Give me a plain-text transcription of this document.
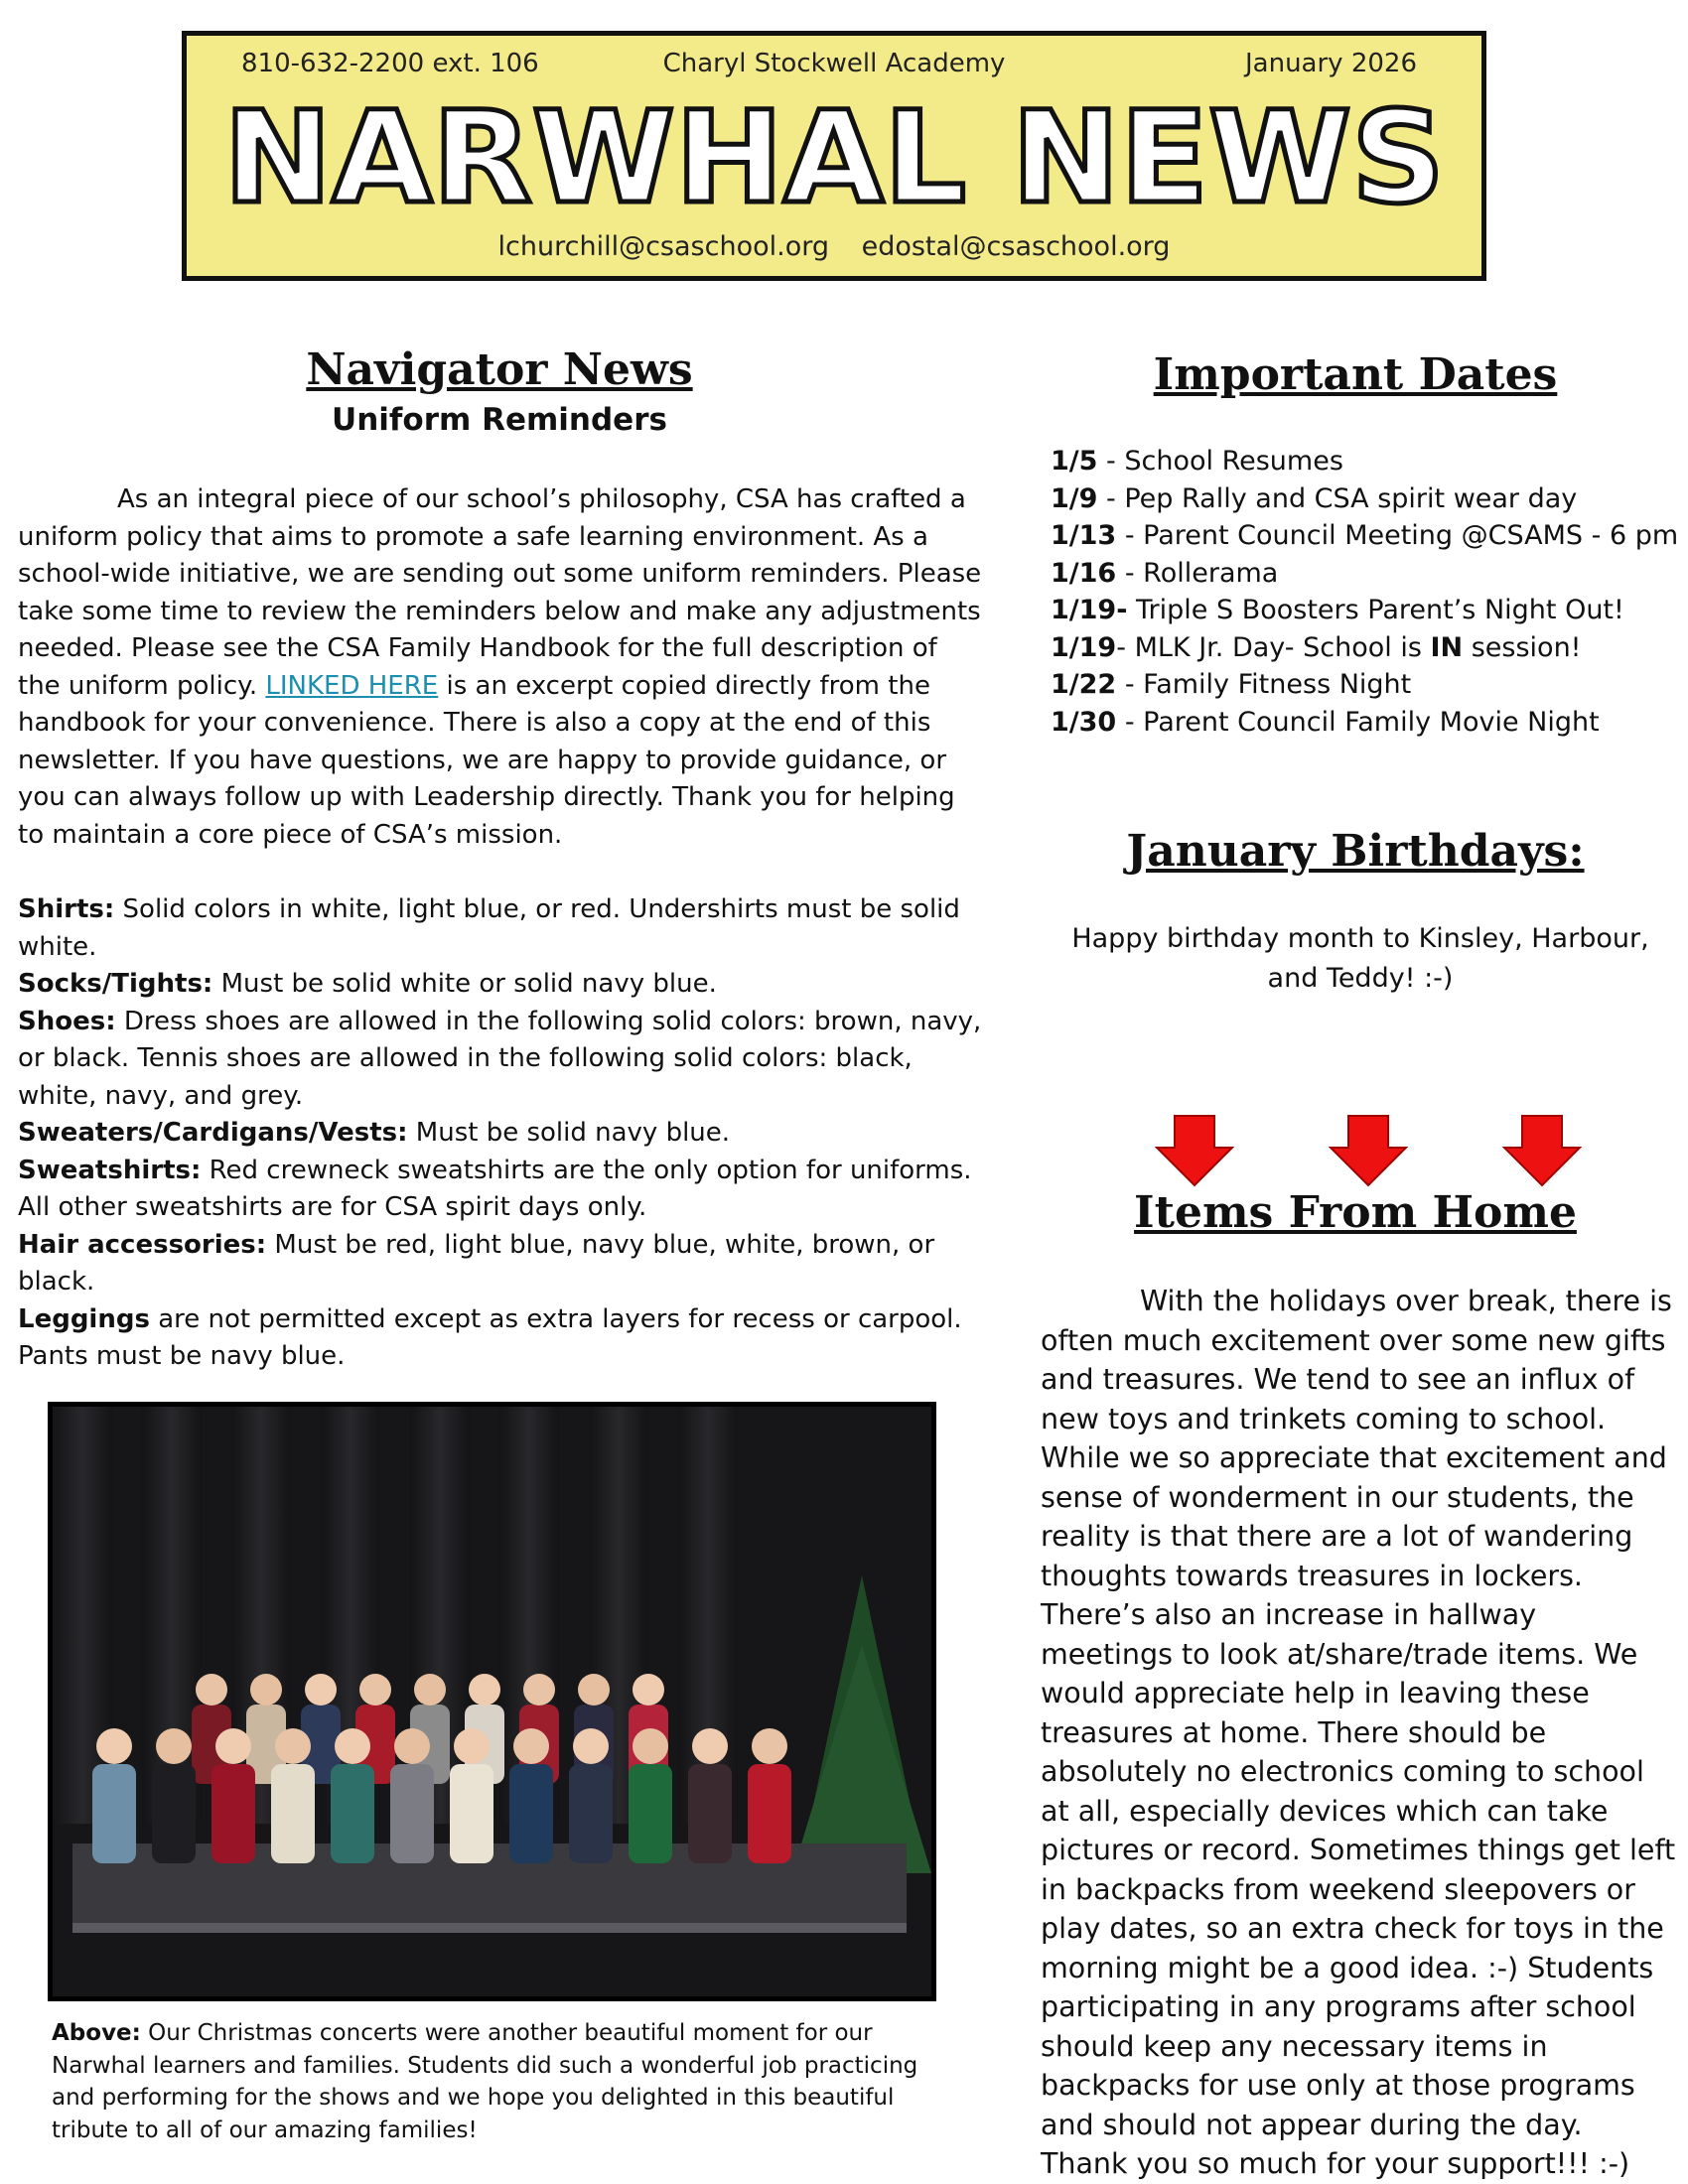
810-632-2200 ext. 106	Charyl Stockwell Academy	January 2026
NARWHAL NEWS
lchurchill@csaschool.org edostal@csaschool.org
Navigator News
Uniform Reminders

As an integral piece of our school’s philosophy, CSA has crafted a uniform policy that aims to promote a safe learning environment. As a school-wide initiative, we are sending out some uniform reminders. Please take some time to review the reminders below and make any adjustments needed. Please see the CSA Family Handbook for the full description of the uniform policy. LINKED HERE is an excerpt copied directly from the handbook for your convenience. There is also a copy at the end of this newsletter. If you have questions, we are happy to provide guidance, or you can always follow up with Leadership directly. Thank you for helping to maintain a core piece of CSA’s mission.

Shirts: Solid colors in white, light blue, or red. Undershirts must be solid white.
Socks/Tights: Must be solid white or solid navy blue.
Shoes: Dress shoes are allowed in the following solid colors: brown, navy, or black. Tennis shoes are allowed in the following solid colors: black, white, navy, and grey.
Sweaters/Cardigans/Vests: Must be solid navy blue.
Sweatshirts: Red crewneck sweatshirts are the only option for uniforms. All other sweatshirts are for CSA spirit days only.
Hair accessories: Must be red, light blue, navy blue, white, brown, or black.
Leggings are not permitted except as extra layers for recess or carpool. Pants must be navy blue.

Above: Our Christmas concerts were another beautiful moment for our Narwhal learners and families. Students did such a wonderful job practicing and performing for the shows and we hope you delighted in this beautiful tribute to all of our amazing families!

Important Dates
1/5 - School Resumes
1/9 - Pep Rally and CSA spirit wear day
1/13 - Parent Council Meeting @CSAMS - 6 pm
1/16 - Rollerama
1/19- Triple S Boosters Parent’s Night Out!
1/19- MLK Jr. Day- School is IN session!
1/22 - Family Fitness Night
1/30 - Parent Council Family Movie Night
January Birthdays:

Happy birthday month to Kinsley, Harbour, and Teddy! :-)

Items From Home

With the holidays over break, there is often much excitement over some new gifts and treasures. We tend to see an influx of new toys and trinkets coming to school. While we so appreciate that excitement and sense of wonderment in our students, the reality is that there are a lot of wandering thoughts towards treasures in lockers. There’s also an increase in hallway meetings to look at/share/trade items. We would appreciate help in leaving these treasures at home. There should be absolutely no electronics coming to school at all, especially devices which can take pictures or record. Sometimes things get left in backpacks from weekend sleepovers or play dates, so an extra check for toys in the morning might be a good idea. :-) Students participating in any programs after school should keep any necessary items in backpacks for use only at those programs and should not appear during the day. Thank you so much for your support!!! :-)
